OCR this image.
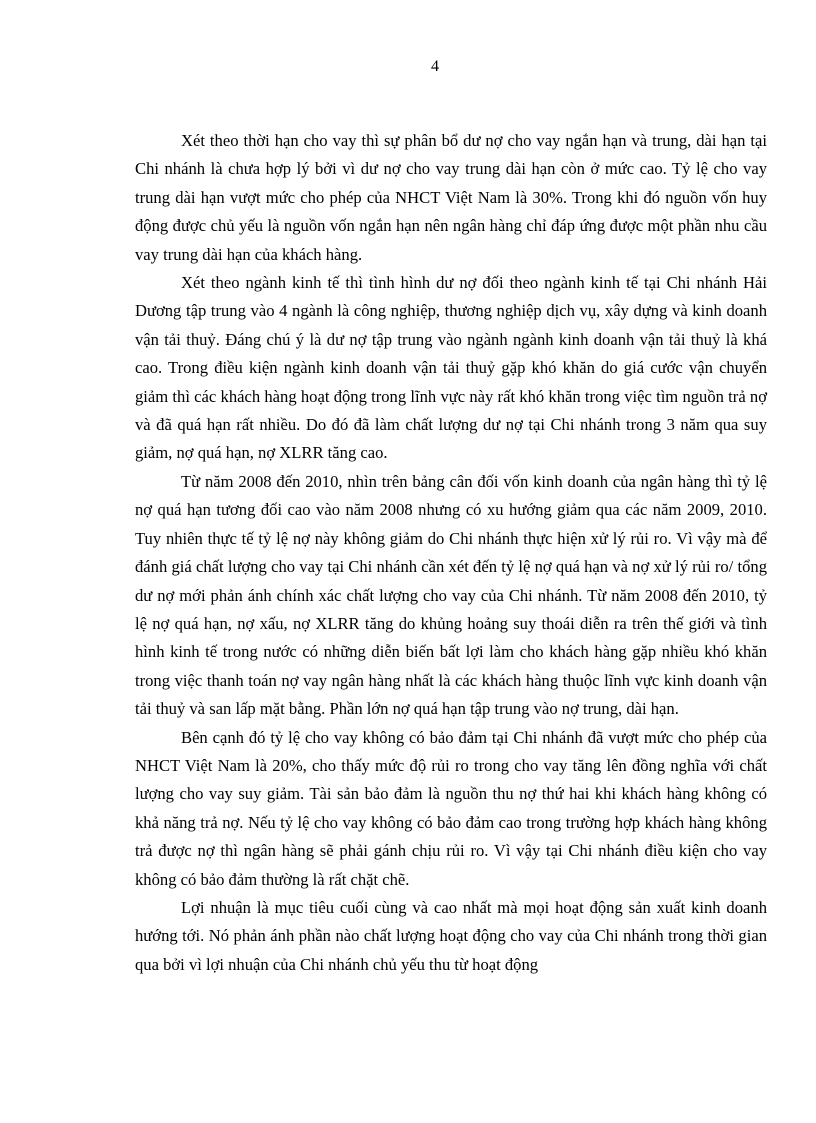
4

Xét theo thời hạn cho vay thì sự phân bổ dư nợ cho vay ngắn hạn và trung, dài hạn tại Chi nhánh là chưa hợp lý bởi vì dư nợ cho vay trung dài hạn còn ở mức cao. Tỷ lệ cho vay trung dài hạn vượt mức cho phép của NHCT Việt Nam là 30%. Trong khi đó nguồn vốn huy động được chủ yếu là nguồn vốn ngắn hạn nên ngân hàng chỉ đáp ứng được một phần nhu cầu vay trung dài hạn của khách hàng.

Xét theo ngành kinh tế thì tình hình dư nợ đối theo ngành kinh tế tại Chi nhánh Hải Dương tập trung vào 4 ngành là công nghiệp, thương nghiệp dịch vụ, xây dựng và kinh doanh vận tải thuỷ. Đáng chú ý là dư nợ tập trung vào ngành ngành kinh doanh vận tải thuỷ là khá cao. Trong điều kiện ngành kinh doanh vận tải thuỷ gặp khó khăn do giá cước vận chuyển giảm thì các khách hàng hoạt động trong lĩnh vực này rất khó khăn trong việc tìm nguồn trả nợ và đã quá hạn rất nhiều. Do đó đã làm chất lượng dư nợ tại Chi nhánh trong 3 năm qua suy giảm, nợ quá hạn, nợ XLRR tăng cao.

Từ năm 2008 đến 2010, nhìn trên bảng cân đối vốn kinh doanh của ngân hàng thì tỷ lệ nợ quá hạn tương đối cao vào năm 2008 nhưng có xu hướng giảm qua các năm 2009, 2010. Tuy nhiên thực tế tỷ lệ nợ này không giảm do Chi nhánh thực hiện xử lý rủi ro. Vì vậy mà để đánh giá chất lượng cho vay tại Chi nhánh cần xét đến tỷ lệ nợ quá hạn và nợ xử lý rủi ro/ tổng dư nợ mới phản ánh chính xác chất lượng cho vay của Chi nhánh. Từ năm 2008 đến 2010, tỷ lệ nợ quá hạn, nợ xấu, nợ XLRR tăng do khủng hoảng suy thoái diễn ra trên thế giới và tình hình kinh tế trong nước có những diễn biến bất lợi làm cho khách hàng gặp nhiều khó khăn trong việc thanh toán nợ vay ngân hàng nhất là các khách hàng thuộc lĩnh vực kinh doanh vận tải thuỷ và san lấp mặt bằng. Phần lớn nợ quá hạn tập trung vào nợ trung, dài hạn.

Bên cạnh đó tỷ lệ cho vay không có bảo đảm tại Chi nhánh đã vượt mức cho phép của NHCT Việt Nam là 20%, cho thấy mức độ rủi ro trong cho vay tăng lên đồng nghĩa với chất lượng cho vay suy giảm. Tài sản bảo đảm là nguồn thu nợ thứ hai khi khách hàng không có khả năng trả nợ. Nếu tỷ lệ cho vay không có bảo đảm cao trong trường hợp khách hàng không trả được nợ thì ngân hàng sẽ phải gánh chịu rủi ro. Vì vậy tại Chi nhánh điều kiện cho vay không có bảo đảm thường là rất chặt chẽ.

Lợi nhuận là mục tiêu cuối cùng và cao nhất mà mọi hoạt động sản xuất kinh doanh hướng tới. Nó phản ánh phần nào chất lượng hoạt động cho vay của Chi nhánh trong thời gian qua bởi vì lợi nhuận của Chi nhánh chủ yếu thu từ hoạt động
